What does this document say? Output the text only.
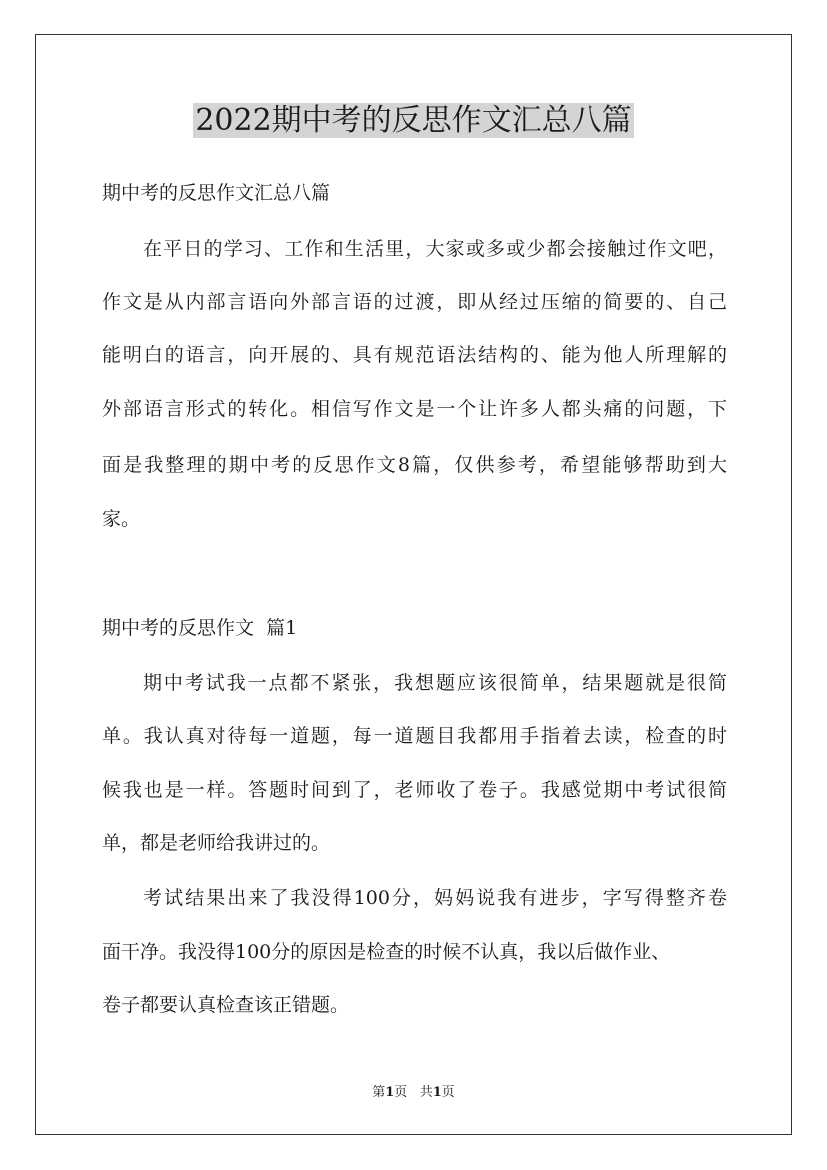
2022期中考的反思作文汇总八篇
期中考的反思作文汇总八篇
在平日的学习、工作和生活里，大家或多或少都会接触过作文吧，
作文是从内部言语向外部言语的过渡，即从经过压缩的简要的、自己
能明白的语言，向开展的、具有规范语法结构的、能为他人所理解的
外部语言形式的转化。相信写作文是一个让许多人都头痛的问题，下
面是我整理的期中考的反思作文8篇，仅供参考，希望能够帮助到大
家。
期中考的反思作文  篇1
期中考试我一点都不紧张，我想题应该很简单，结果题就是很简
单。我认真对待每一道题，每一道题目我都用手指着去读，检查的时
候我也是一样。答题时间到了，老师收了卷子。我感觉期中考试很简
单，都是老师给我讲过的。
考试结果出来了我没得100分，妈妈说我有进步，字写得整齐卷
面干净。我没得100分的原因是检查的时候不认真，我以后做作业、
卷子都要认真检查该正错题。
第1页 共1页
